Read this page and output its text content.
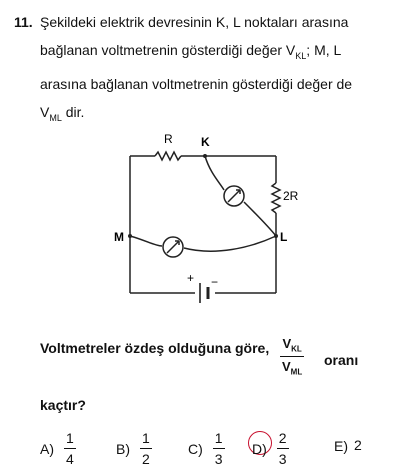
11. Şekildeki elektrik devresinin K, L noktaları arasına
bağlanan voltmetrenin gösterdiği değer $V_{KL}$; M, L
arasına bağlanan voltmetrenin gösterdiği değer de
$V_{ML}$ dir.
R K
2R
L
M
+ −
Voltmetreler özdeş olduğuna göre, $V_{KL}$
$V_{ML}$
oranı
kaçtır?
$A) \frac{1}{4}$	$B) \frac{1}{2}$	$C) \frac{1}{3} D) \frac{2}{3}$	E) 2
